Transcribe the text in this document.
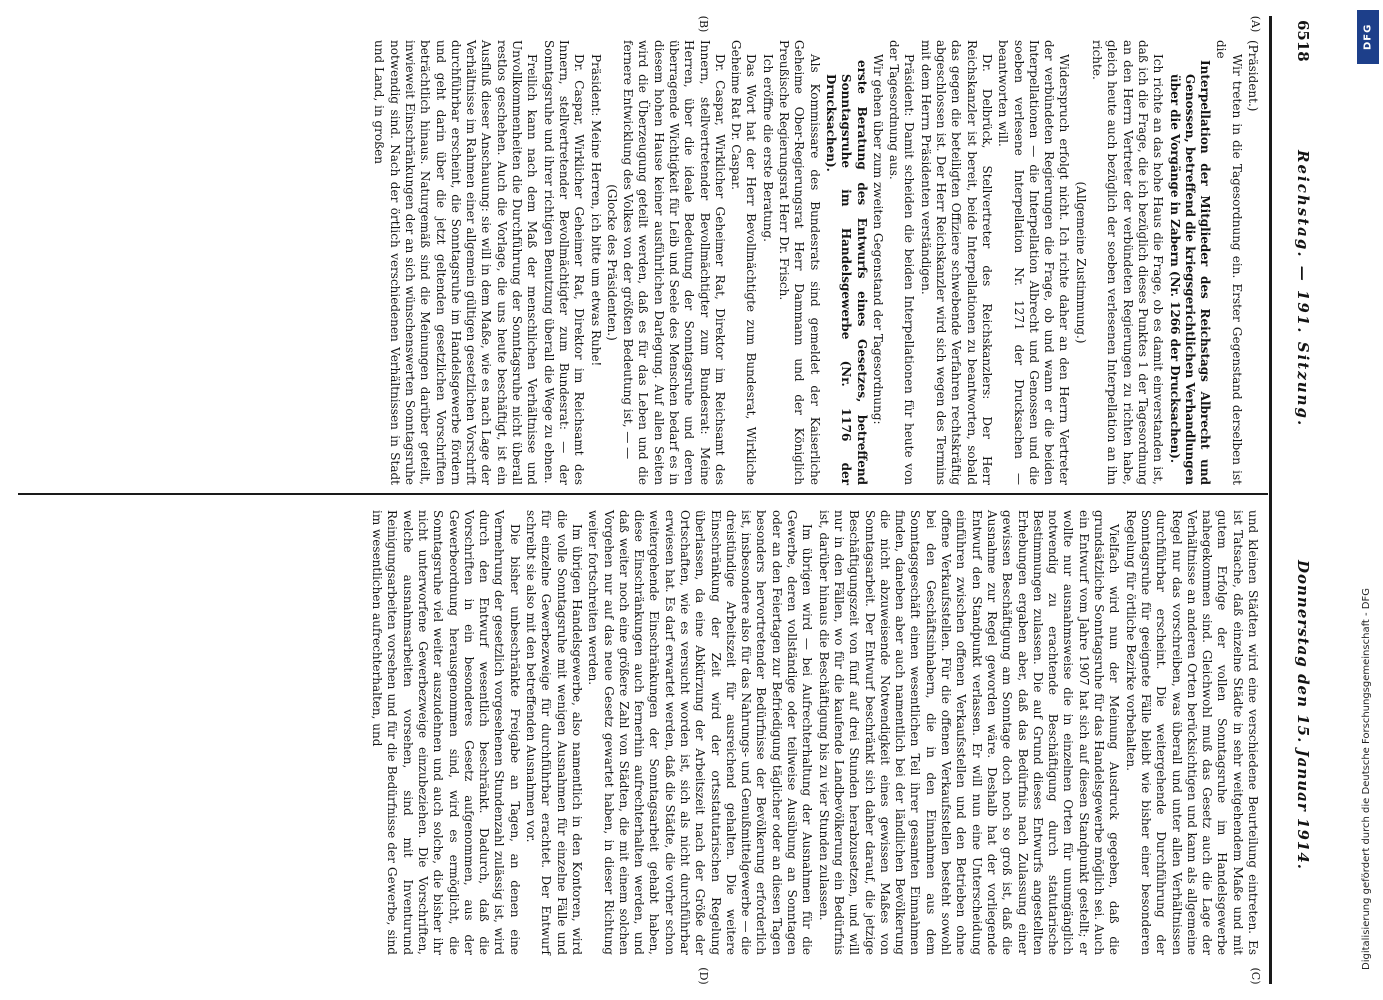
6518
Reichstag. — 191. Sitzung.
Donnerstag den 15. Januar 1914.
(A)
(B)
(C)
(D)

(Präsident.)

Wir treten in die Tagesordnung ein. Erster Gegenstand derselben ist die

Interpellation der Mitglieder des Reichstags Albrecht und Genossen, betreffend die kriegsgerichtlichen Verhandlungen über die Vorgänge in Zabern (Nr. 1266 der Drucksachen).

Ich richte an das hohe Haus die Frage, ob es damit einverstanden ist, daß ich die Frage, die ich bezüglich dieses Punktes 1 der Tagesordnung an den Herrn Vertreter der verbündeten Regierungen zu richten habe, gleich heute auch bezüglich der soeben verlesenen Interpellation an ihn richte.

(Allgemeine Zustimmung.)

Widerspruch erfolgt nicht. Ich richte daher an den Herrn Vertreter der verbündeten Regierungen die Frage, ob und wann er die beiden Interpellationen — die Interpellation Albrecht und Genossen und die soeben verlesene Interpellation Nr. 1271 der Drucksachen — beantworten will.

Dr. Delbrück, Stellvertreter des Reichskanzlers: Der Herr Reichskanzler ist bereit, beide Interpellationen zu beantworten, sobald das gegen die beteiligten Offiziere schwebende Verfahren rechtskräftig abgeschlossen ist. Der Herr Reichskanzler wird sich wegen des Termins mit dem Herrn Präsidenten verständigen.

Präsident: Damit scheiden die beiden Interpellationen für heute von der Tagesordnung aus.

Wir gehen über zum zweiten Gegenstand der Tagesordnung:

erste Beratung des Entwurfs eines Gesetzes, betreffend Sonntagsruhe im Handelsgewerbe (Nr. 1176 der Drucksachen).

Als Kommissare des Bundesrats sind gemeldet der Kaiserliche Geheime Ober-Regierungsrat Herr Dammann und der Königlich Preußische Regierungsrat Herr Dr. Frisch.

Ich eröffne die erste Beratung.

Das Wort hat der Herr Bevollmächtigte zum Bundesrat, Wirkliche Geheime Rat Dr. Caspar.

Dr. Caspar, Wirklicher Geheimer Rat, Direktor im Reichsamt des Innern, stellvertretender Bevollmächtigter zum Bundesrat: Meine Herren, über die ideale Bedeutung der Sonntagsruhe und deren überragende Wichtigkeit für Leib und Seele des Menschen bedarf es in diesem hohen Hause keiner ausführlichen Darlegung. Auf allen Seiten wird die Überzeugung geteilt werden, daß es für das Leben und die fernere Entwicklung des Volkes von der größten Bedeutung ist, — —

(Glocke des Präsidenten.)

Präsident: Meine Herren, ich bitte um etwas Ruhe!

Dr. Caspar, Wirklicher Geheimer Rat, Direktor im Reichsamt des Innern, stellvertretender Bevollmächtigter zum Bundesrat: — der Sonntagsruhe und ihrer richtigen Benutzung überall die Wege zu ebnen.

Freilich kann nach dem Maß der menschlichen Verhältnisse und Unvollkommenheiten die Durchführung der Sonntagsruhe nicht überall restlos geschehen. Auch die Vorlage, die uns heute beschäftigt, ist ein Ausfluß dieser Anschauung: sie will in dem Maße, wie es nach Lage der Verhältnisse im Rahmen einer allgemein gültigen gesetzlichen Vorschrift durchführbar erscheint, die Sonntagsruhe im Handelsgewerbe fördern und geht darin über die jetzt geltenden gesetzlichen Vorschriften beträchtlich hinaus. Naturgemäß sind die Meinungen darüber geteilt, inwieweit Einschränkungen der an sich wünschenswerten Sonntagsruhe notwendig sind. Nach der örtlich verschiedenen Verhältnissen in Stadt und Land, in großen

und kleinen Städten wird eine verschiedene Beurteilung eintreten. Es ist Tatsache, daß einzelne Städte in sehr weitgehendem Maße und mit gutem Erfolge der vollen Sonntagsruhe im Handelsgewerbe nahegekommen sind. Gleichwohl muß das Gesetz auch die Lage der Verhältnisse an anderen Orten berücksichtigen und kann als allgemeine Regel nur das vorschreiben, was überall und unter allen Verhältnissen durchführbar erscheint. Die weitergehende Durchführung der Sonntagsruhe für geeignete Fälle bleibt wie bisher einer besonderen Regelung für örtliche Bezirke vorbehalten.

Vielfach wird nun der Meinung Ausdruck gegeben, daß die grundsätzliche Sonntagsruhe für das Handelsgewerbe möglich sei. Auch ein Entwurf vom Jahre 1907 hat sich auf diesen Standpunkt gestellt; er wollte nur ausnahmsweise die in einzelnen Orten für unumgänglich notwendig zu erachtende Beschäftigung durch statutarische Bestimmungen zulassen. Die auf Grund dieses Entwurfs angestellten Erhebungen ergaben aber, daß das Bedürfnis nach Zulassung einer gewissen Beschäftigung am Sonntage doch noch so groß ist, daß die Ausnahme zur Regel geworden wäre. Deshalb hat der vorliegende Entwurf den Standpunkt verlassen. Er will nun eine Unterscheidung einführen zwischen offenen Verkaufsstellen und den Betrieben ohne offene Verkaufsstellen. Für die offenen Verkaufsstellen besteht sowohl bei den Geschäftsinhabern, die in den Einnahmen aus dem Sonntagsgeschäft einen wesentlichen Teil ihrer gesamten Einnahmen finden, daneben aber auch namentlich bei der ländlichen Bevölkerung die nicht abzuweisende Notwendigkeit eines gewissen Maßes von Sonntagsarbeit. Der Entwurf beschränkt sich daher darauf, die jetzige Beschäftigungszeit von fünf auf drei Stunden herabzusetzen, und will nur in den Fällen, wo für die kaufende Landbevölkerung ein Bedürfnis ist, darüber hinaus die Beschäftigung bis zu vier Stunden zulassen.

Im übrigen wird — bei Aufrechterhaltung der Ausnahmen für die Gewerbe, deren vollständige oder teilweise Ausübung an Sonntagen oder an den Feiertagen zur Befriedigung täglicher oder an diesen Tagen besonders hervortretender Bedürfnisse der Bevölkerung erforderlich ist, insbesondere also für das Nahrungs- und Genußmittelgewerbe — die dreistündige Arbeitszeit für ausreichend gehalten. Die weitere Einschränkung der Zeit wird der ortsstatutarischen Regelung überlassen, da eine Abkürzung der Arbeitszeit nach der Größe der Ortschaften, wie es versucht worden ist, sich als nicht durchführbar erwiesen hat. Es darf erwartet werden, daß die Städte, die vorher schon weitergehende Einschränkungen der Sonntagsarbeit gehabt haben, diese Einschränkungen auch fernerhin aufrechterhalten werden, und daß weiter noch eine größere Zahl von Städten, die mit einem solchen Vorgehen nur auf das neue Gesetz gewartet haben, in dieser Richtung weiter fortschreiten werden.

Im übrigen Handelsgewerbe, also namentlich in den Kontoren, wird die volle Sonntagsruhe mit wenigen Ausnahmen für einzelne Fälle und für einzelne Gewerbezweige für durchführbar erachtet. Der Entwurf schreibt sie also mit den betreffenden Ausnahmen vor.

Die bisher unbeschränkte Freigabe an Tagen, an denen eine Vermehrung der gesetzlich vorgesehenen Stundenzahl zulässig ist, wird durch den Entwurf wesentlich beschränkt. Dadurch, daß die Vorschriften in ein besonderes Gesetz aufgenommen, aus der Gewerbeordnung herausgenommen sind, wird es ermöglicht, die Sonntagsruhe viel weiter auszudehnen und auch solche, die bisher ihr nicht unterworfene Gewerbezweige einzubeziehen. Die Vorschriften, welche ausnahmsarbeiten vorsehen, sind mit Inventurund Reinigungsarbeiten vorsehen und für die Bedürfnisse der Gewerbe, sind im wesentlichen aufrechterhalten, und

DFG
Digitalisierung gefördert durch die Deutsche Forschungsgemeinschaft - DFG
